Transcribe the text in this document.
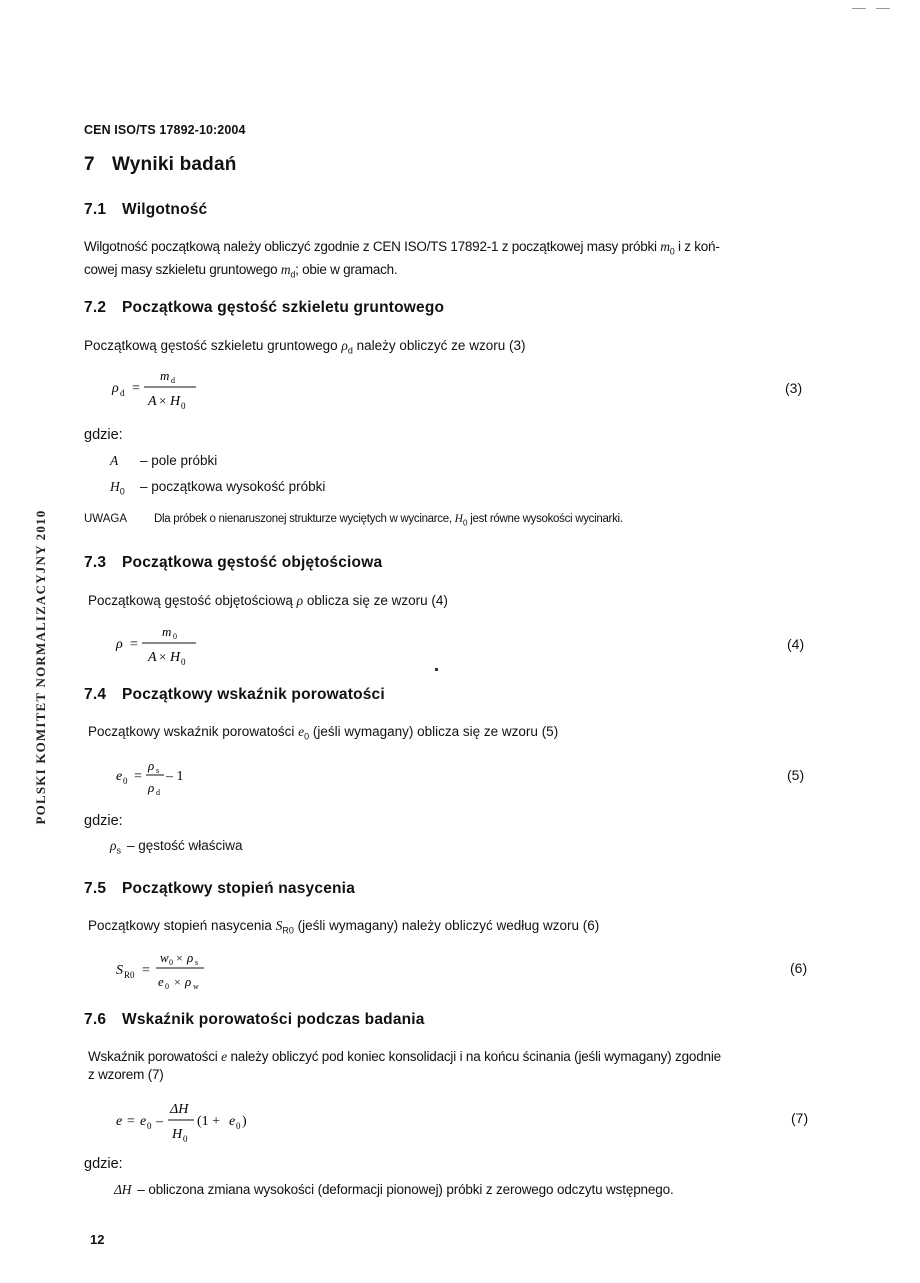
CEN ISO/TS 17892-10:2004
POLSKI KOMITET NORMALIZACYJNY 2010
7 Wyniki badań
7.1 Wilgotność
Wilgotność początkową należy obliczyć zgodnie z CEN ISO/TS 17892-1 z początkowej masy próbki $m_0$ i z koń-
cowej masy szkieletu gruntowego $m_d$; obie w gramach.
7.2 Początkowa gęstość szkieletu gruntowego
Początkową gęstość szkieletu gruntowego $\rho_d$ należy obliczyć ze wzoru (3)
ρ d =
m d
A × H 0
(3)
gdzie:
A – pole próbki
$H_0$ – początkowa wysokość próbki
UWAGA Dla próbek o nienaruszonej strukturze wyciętych w wycinarce, $H_0$ jest równe wysokości wycinarki.
7.3 Początkowa gęstość objętościowa
Początkową gęstość objętościową ρ oblicza się ze wzoru (4)
ρ =
m 0
A × H 0
(4)
7.4 Początkowy wskaźnik porowatości
Początkowy wskaźnik porowatości $e_0$ (jeśli wymagany) oblicza się ze wzoru (5)
e 0 =
ρ s
ρ d
– 1	(5)
gdzie:
$\rho_s$ – gęstość właściwa
7.5 Początkowy stopień nasycenia
Początkowy stopień nasycenia $S_{R0}$ (jeśli wymagany) należy obliczyć według wzoru (6)
S R0 =
w 0 × ρ s
e 0 × ρ w
(6)
7.6 Wskaźnik porowatości podczas badania
Wskaźnik porowatości e należy obliczyć pod koniec konsolidacji i na końcu ścinania (jeśli wymagany) zgodnie
z wzorem (7)
e = e 0 –
ΔH
H 0
(1 + e 0 )	(7)
gdzie:
ΔH – obliczona zmiana wysokości (deformacji pionowej) próbki z zerowego odczytu wstępnego.
12
